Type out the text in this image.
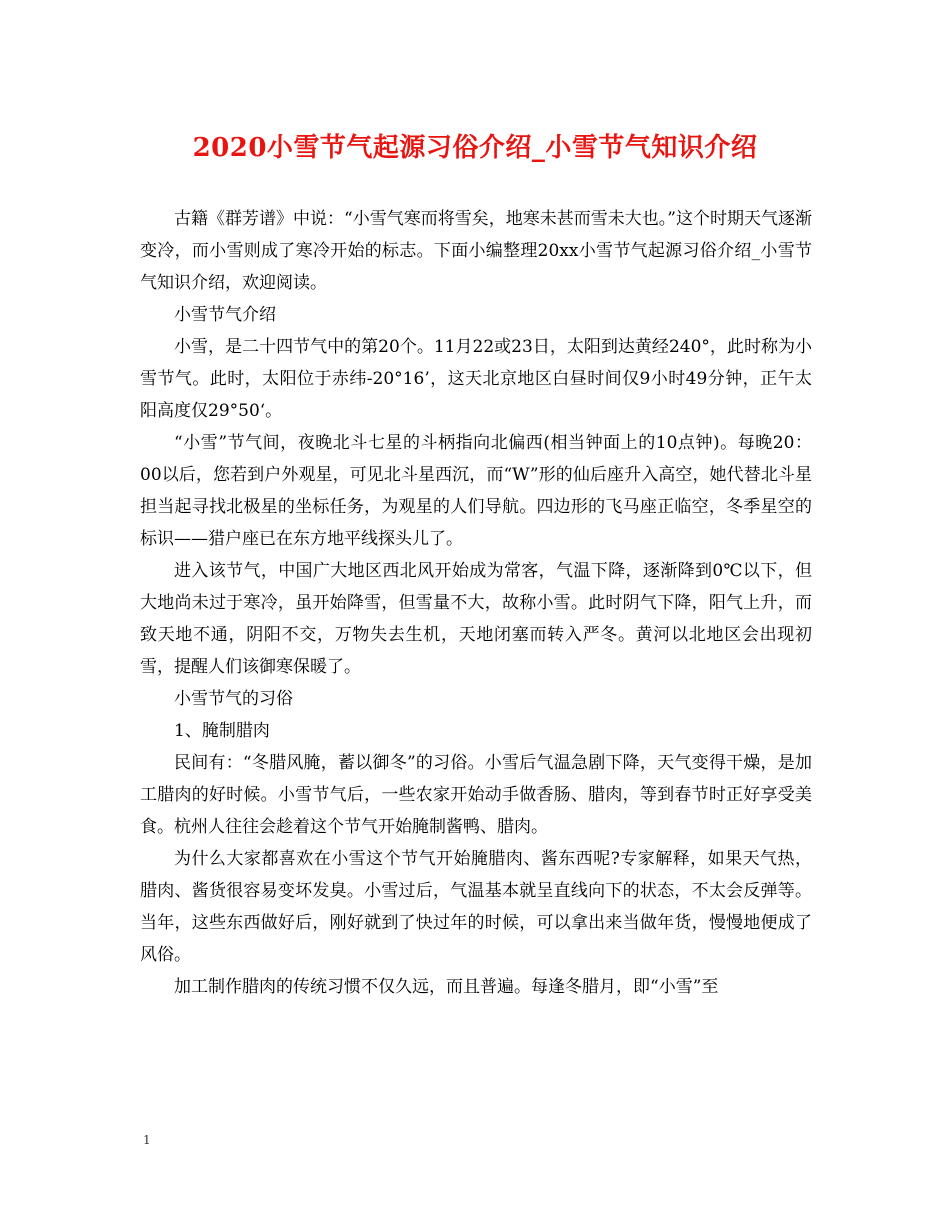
2020小雪节气起源习俗介绍_小雪节气知识介绍

古籍《群芳谱》中说：“小雪气寒而将雪矣，地寒未甚而雪未大也。”这个时期天气逐渐变冷，而小雪则成了寒冷开始的标志。下面小编整理20xx小雪节气起源习俗介绍_小雪节气知识介绍，欢迎阅读。

小雪节气介绍

小雪，是二十四节气中的第20个。11月22或23日，太阳到达黄经240°，此时称为小雪节气。此时，太阳位于赤纬-20°16’，这天北京地区白昼时间仅9小时49分钟，正午太阳高度仅29°50‘。

“小雪”节气间，夜晚北斗七星的斗柄指向北偏西(相当钟面上的10点钟)。每晚20：00以后，您若到户外观星，可见北斗星西沉，而“W”形的仙后座升入高空，她代替北斗星担当起寻找北极星的坐标任务，为观星的人们导航。四边形的飞马座正临空，冬季星空的标识——猎户座已在东方地平线探头儿了。

进入该节气，中国广大地区西北风开始成为常客，气温下降，逐渐降到0℃以下，但大地尚未过于寒冷，虽开始降雪，但雪量不大，故称小雪。此时阴气下降，阳气上升，而致天地不通，阴阳不交，万物失去生机，天地闭塞而转入严冬。黄河以北地区会出现初雪，提醒人们该御寒保暖了。

小雪节气的习俗

1、腌制腊肉

民间有：“冬腊风腌，蓄以御冬”的习俗。小雪后气温急剧下降，天气变得干燥，是加工腊肉的好时候。小雪节气后，一些农家开始动手做香肠、腊肉，等到春节时正好享受美食。杭州人往往会趁着这个节气开始腌制酱鸭、腊肉。

为什么大家都喜欢在小雪这个节气开始腌腊肉、酱东西呢?专家解释，如果天气热，腊肉、酱货很容易变坏发臭。小雪过后，气温基本就呈直线向下的状态，不太会反弹等。当年，这些东西做好后，刚好就到了快过年的时候，可以拿出来当做年货，慢慢地便成了风俗。

加工制作腊肉的传统习惯不仅久远，而且普遍。每逢冬腊月，即“小雪”至

1
